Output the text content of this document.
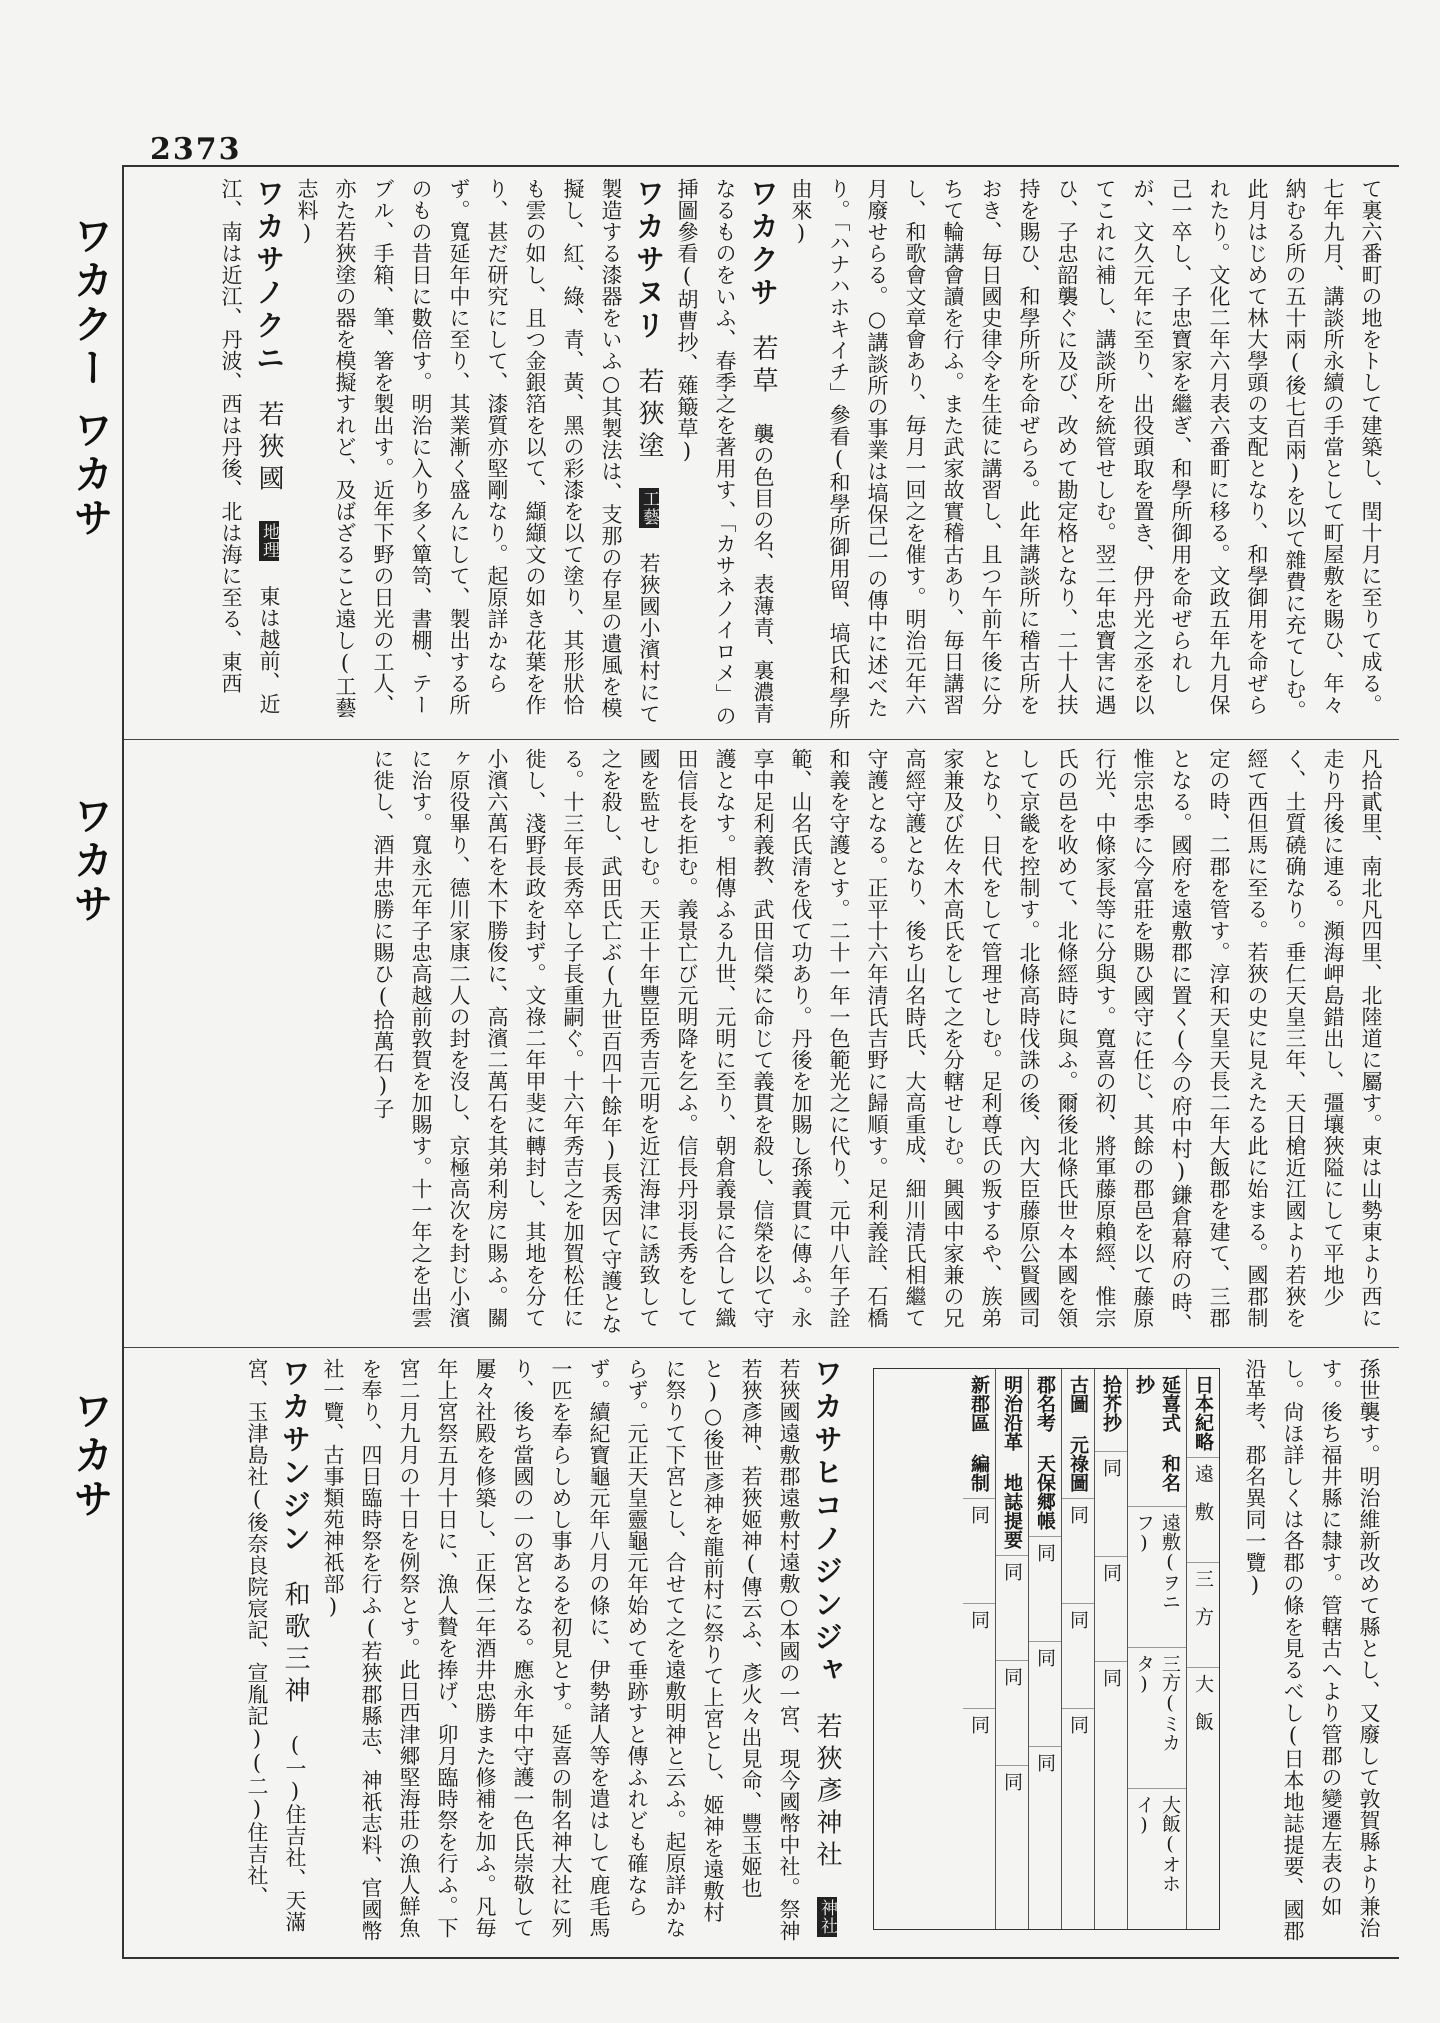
2373
ワカクー ワカサ
ワカサ
ワカサ
て裏六番町の地をトして建築し、閏十月に至りて成る。七年九月、講談所永續の手當として町屋敷を賜ひ、年々納むる所の五十兩(後七百兩)を以て雜費に充てしむ。此月はじめて林大學頭の支配となり、和學御用を命ぜられたり。文化二年六月表六番町に移る。文政五年九月保己一卒し、子忠寶家を繼ぎ、和學所御用を命ぜられしが、文久元年に至り、出役頭取を置き、伊丹光之丞を以てこれに補し、講談所を統管せしむ。翌二年忠寶害に遇ひ、子忠韶襲ぐに及び、改めて勘定格となり、二十人扶持を賜ひ、和學所所を命ぜらる。此年講談所に稽古所をおき、毎日國史律令を生徒に講習し、且つ午前午後に分ちて輪講會讀を行ふ。また武家故實稽古あり、毎日講習し、和歌會文章會あり、毎月一回之を催す。明治元年六月廢せらる。○講談所の事業は塙保己一の傳中に述べたり。「ハナハホキイチ」參看(和學所御用留、塙氏和學所由來)
ワカクサ 若草 襲の色目の名、表薄青、裏濃青なるものをいふ、春季之を著用す、「カサネノイロメ」の挿圖參看(胡曹抄、薙簸草)
ワカサヌリ 若狹塗 工藝 若狹國小濱村にて製造する漆器をいふ○其製法は、支那の存星の遺風を模擬し、紅、綠、青、黃、黑の彩漆を以て塗り、其形狀恰も雲の如し、且つ金銀箔を以て、纈纈文の如き花葉を作り、甚だ研究にして、漆質亦堅剛なり。起原詳かならず。寬延年中に至り、其業漸く盛んにして、製出する所のもの昔日に數倍す。明治に入り多く簞笥、書棚、テーブル、手箱、筆、箸を製出す。近年下野の日光の工人、亦た若狹塗の器を模擬すれど、及ばざること遠し(工藝志料)
ワカサノクニ 若狹國 地理 東は越前、近江、南は近江、丹波、西は丹後、北は海に至る、東西
凡拾貳里、南北凡四里、北陸道に屬す。東は山勢東より西に走り丹後に連る。瀕海岬島錯出し、彊壤狹隘にして平地少く、土質磽确なり。垂仁天皇三年、天日槍近江國より若狹を經て西但馬に至る。若狹の史に見えたる此に始まる。國郡制定の時、二郡を管す。淳和天皇天長二年大飯郡を建て、三郡となる。國府を遠敷郡に置く(今の府中村)鎌倉幕府の時、惟宗忠季に今富莊を賜ひ國守に任じ、其餘の郡邑を以て藤原行光、中條家長等に分與す。寬喜の初、將軍藤原賴經、惟宗氏の邑を收めて、北條經時に與ふ。爾後北條氏世々本國を領して京畿を控制す。北條高時伐誅の後、內大臣藤原公賢國司となり、日代をして管理せしむ。足利尊氏の叛するや、族弟家兼及び佐々木高氏をして之を分轄せしむ。興國中家兼の兄高經守護となり、後ち山名時氏、大高重成、細川清氏相繼て守護となる。正平十六年清氏吉野に歸順す。足利義詮、石橋和義を守護とす。二十一年一色範光之に代り、元中八年子詮範、山名氏清を伐て功あり。丹後を加賜し孫義貫に傳ふ。永享中足利義教、武田信榮に命じて義貫を殺し、信榮を以て守護となす。相傳ふる九世、元明に至り、朝倉義景に合して織田信長を拒む。義景亡び元明降を乞ふ。信長丹羽長秀をして國を監せしむ。天正十年豐臣秀吉元明を近江海津に誘致して之を殺し、武田氏亡ぶ(九世百四十餘年)長秀因て守護となる。十三年長秀卒し子長重嗣ぐ。十六年秀吉之を加賀松任に徙し、淺野長政を封ず。文祿二年甲斐に轉封し、其地を分て小濱六萬石を木下勝俊に、高濱二萬石を其弟利房に賜ふ。關ヶ原役畢り、德川家康二人の封を沒し、京極高次を封じ小濱に治す。寬永元年子忠高越前敦賀を加賜す。十一年之を出雲に徙し、酒井忠勝に賜ひ(拾萬石)子
ワカサヒコノジンジャ 若狹彥神社 神社 若狹國遠敷郡遠敷村遠敷○本國の一宮、現今國幣中社。祭神若狹彥神、若狹姬神(傳云ふ、彥火々出見命、豐玉姬也と)○後世彥神を龍前村に祭りて上宮とし、姬神を遠敷村に祭りて下宮とし、合せて之を遠敷明神と云ふ。起原詳かならず。元正天皇靈龜元年始めて垂跡すと傳ふれども確ならず。續紀寶龜元年八月の條に、伊勢諸人等を遣はして鹿毛馬一匹を奉らしめし事あるを初見とす。延喜の制名神大社に列り、後ち當國の一の宮となる。應永年中守護一色氏崇敬して屢々社殿を修築し、正保二年酒井忠勝また修補を加ふ。凡毎年上宮祭五月十日に、漁人贄を捧げ、卯月臨時祭を行ふ。下宮二月九月の十日を例祭とす。此日西津郷堅海莊の漁人鮮魚を奉り、四日臨時祭を行ふ(若狹郡縣志、神祇志料、官國幣社一覽、古事類苑神祇部)
ワカサンジン 和歌三神 (一)住吉社、天滿宮、玉津島社(後奈良院宸記、宣胤記)(二)住吉社、	孫世襲す。明治維新改めて縣とし、又廢して敦賀縣より兼治す。後ち福井縣に隸す。管轄古へより管郡の變遷左表の如し。尙ほ詳しくは各郡の條を見るべし(日本地誌提要、國郡沿革考、郡名異同一覽)
日本紀略
遠　敷
三　方
大　飯
延喜式 和名抄
遠敷(ヲニフ)
三方(ミカタ)
大飯(オホイ)
拾芥抄
同
同
同
古圖 元祿圖
同
同
同
郡名考 天保郷帳
同
同
同
明治沿革 地誌提要
同
同
同
新郡區 編制
同
同
同
